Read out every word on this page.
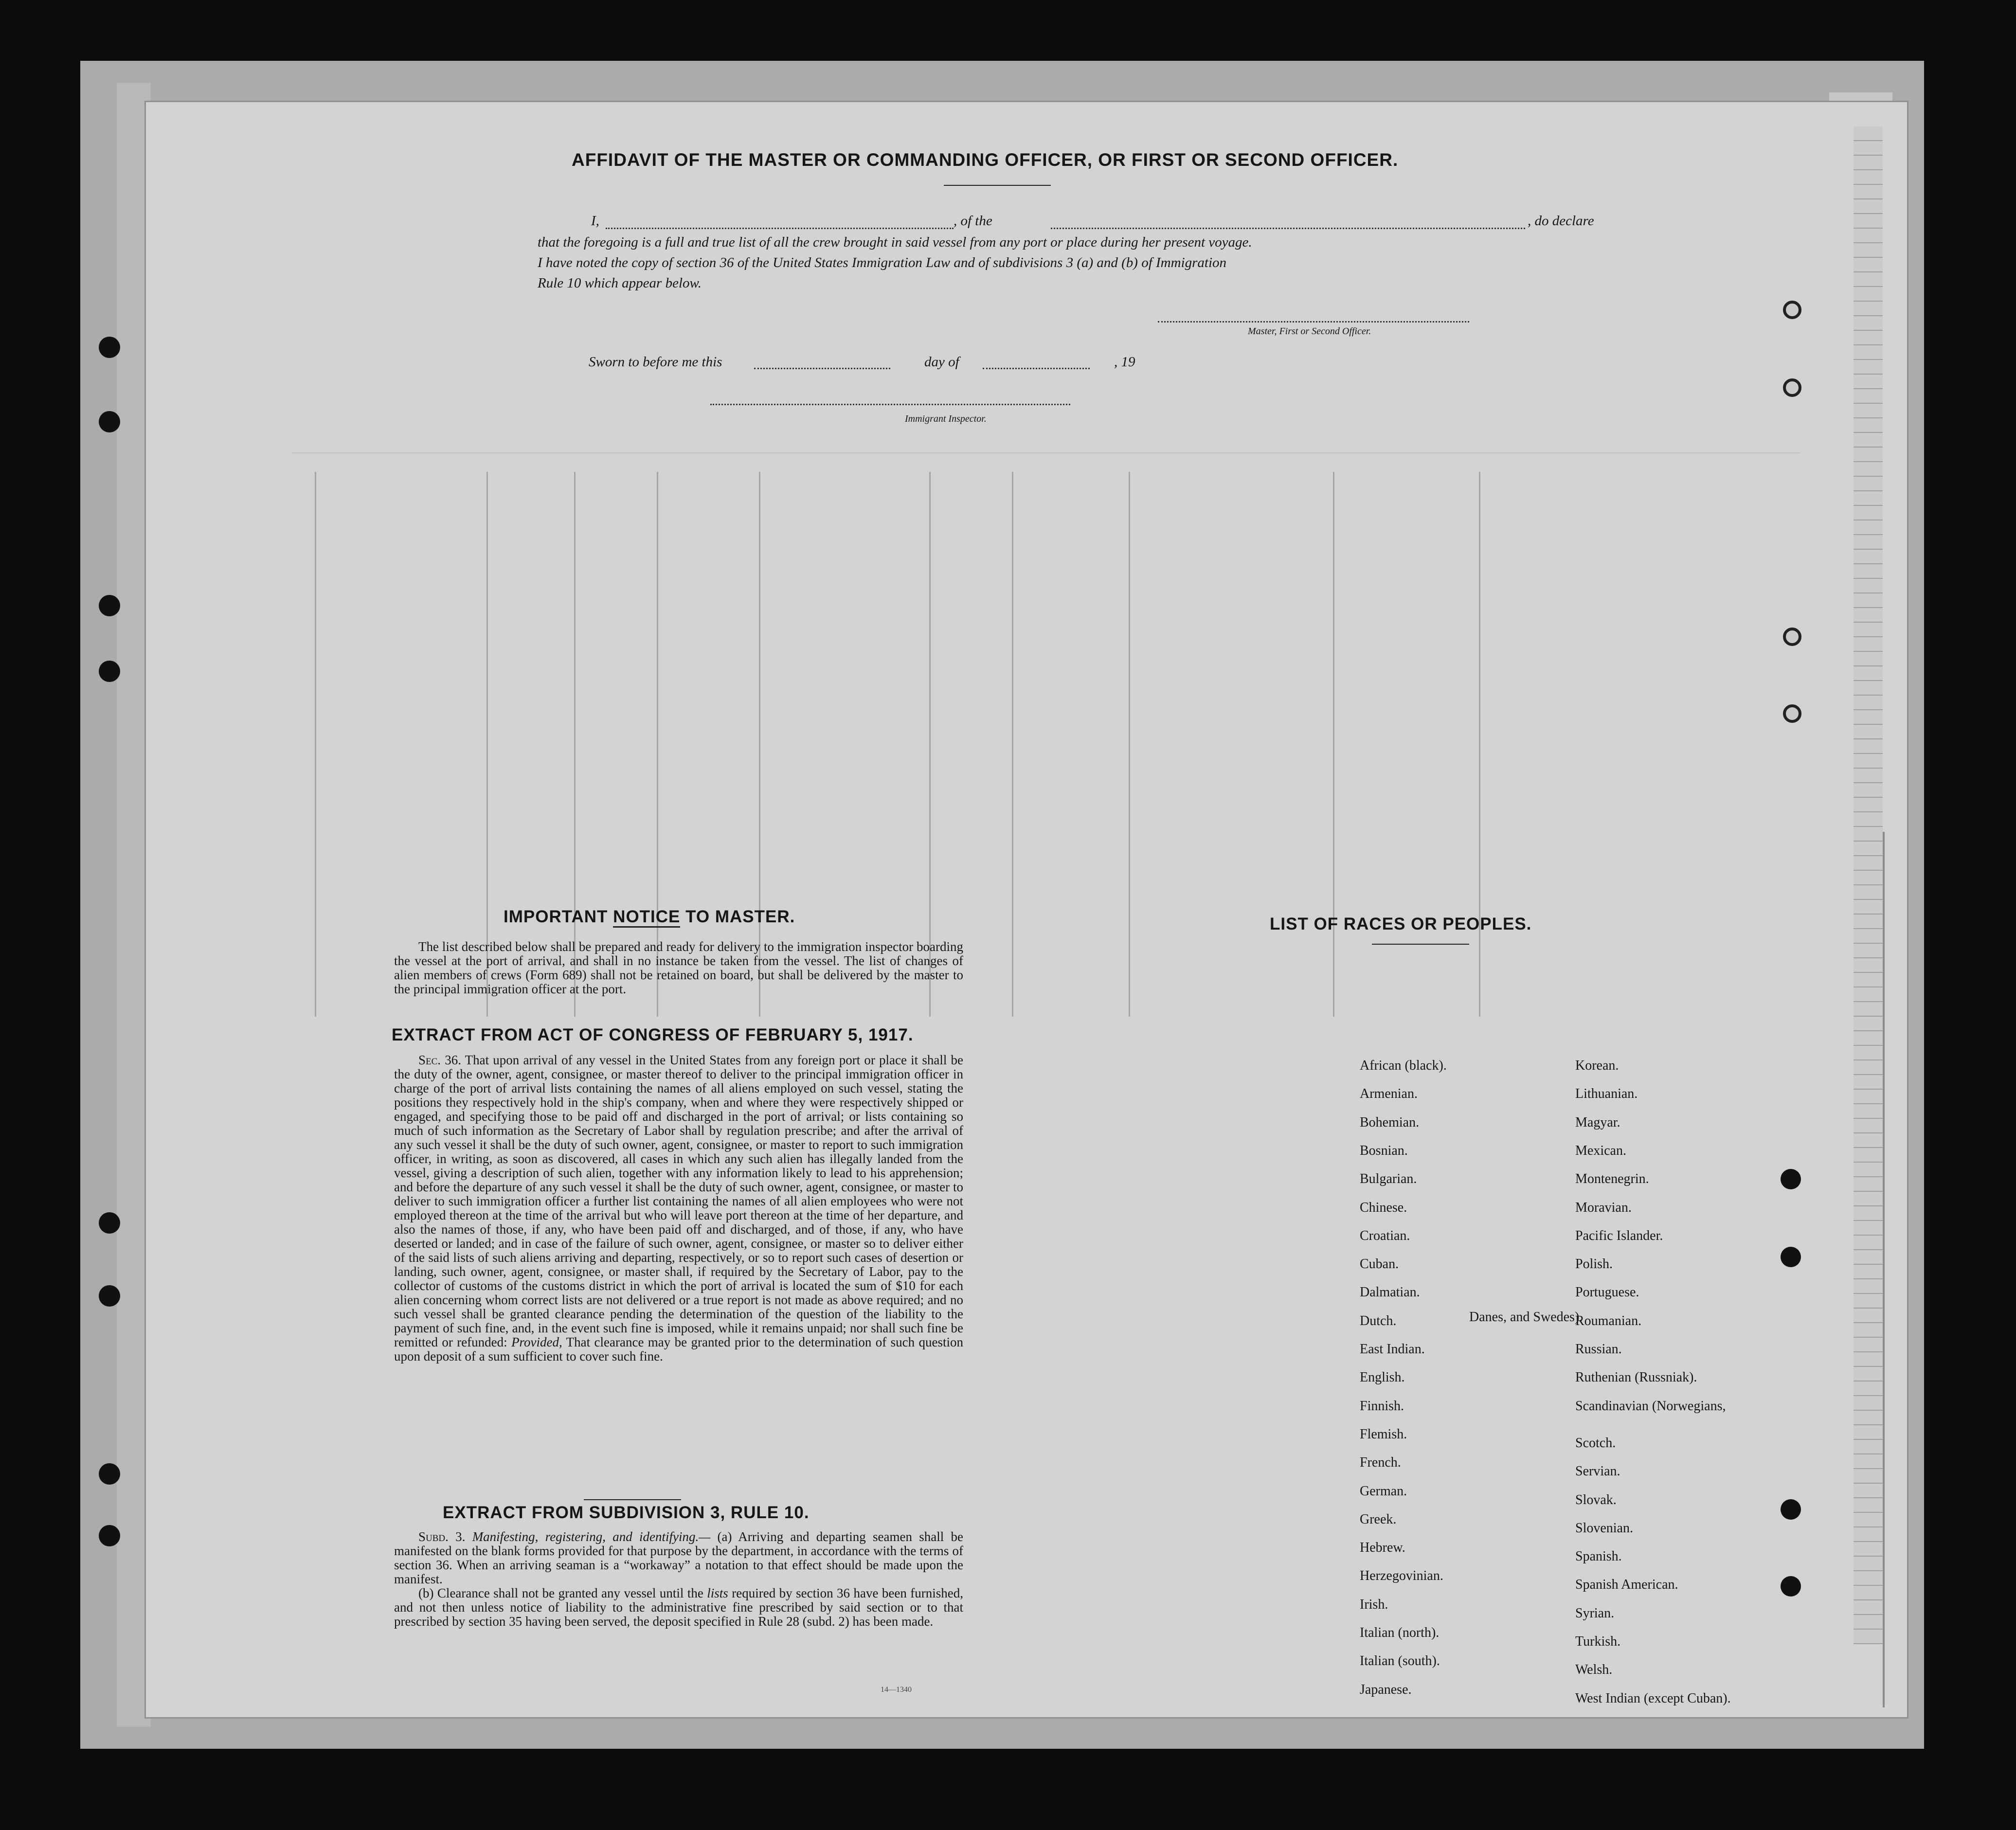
AFFIDAVIT OF THE MASTER OR COMMANDING OFFICER, OR FIRST OR SECOND OFFICER.
I,	, of the	, do declare
that the foregoing is a full and true list of all the crew brought in said vessel from any port or place during her present voyage.
I have noted the copy of section 36 of the United States Immigration Law and of subdivisions 3 (a) and (b) of Immigration
Rule 10 which appear below.
Master, First or Second Officer.
Sworn to before me this	day of	, 19
Immigrant Inspector.
IMPORTANT NOTICE TO MASTER.
The list described below shall be prepared and ready for delivery to the immigration inspector boarding the vessel at the port of arrival, and shall in no instance be taken from the vessel. The list of changes of alien members of crews (Form 689) shall not be retained on board, but shall be delivered by the master to the principal immigration officer at the port.
EXTRACT FROM ACT OF CONGRESS OF FEBRUARY 5, 1917.
Sec. 36. That upon arrival of any vessel in the United States from any foreign port or place it shall be the duty of the owner, agent, consignee, or master thereof to deliver to the principal immigration officer in charge of the port of arrival lists containing the names of all aliens employed on such vessel, stating the positions they respectively hold in the ship's company, when and where they were respectively shipped or engaged, and specifying those to be paid off and discharged in the port of arrival; or lists containing so much of such information as the Secretary of Labor shall by regulation prescribe; and after the arrival of any such vessel it shall be the duty of such owner, agent, consignee, or master to report to such immigration officer, in writing, as soon as discovered, all cases in which any such alien has illegally landed from the vessel, giving a description of such alien, together with any information likely to lead to his apprehension; and before the departure of any such vessel it shall be the duty of such owner, agent, consignee, or master to deliver to such immigration officer a further list containing the names of all alien employees who were not employed thereon at the time of the arrival but who will leave port thereon at the time of her departure, and also the names of those, if any, who have been paid off and discharged, and of those, if any, who have deserted or landed; and in case of the failure of such owner, agent, consignee, or master so to deliver either of the said lists of such aliens arriving and departing, respectively, or so to report such cases of desertion or landing, such owner, agent, consignee, or master shall, if required by the Secretary of Labor, pay to the collector of customs of the customs district in which the port of arrival is located the sum of $10 for each alien concerning whom correct lists are not delivered or a true report is not made as above required; and no such vessel shall be granted clearance pending the determination of the question of the liability to the payment of such fine, and, in the event such fine is imposed, while it remains unpaid; nor shall such fine be remitted or refunded: Provided, That clearance may be granted prior to the determination of such question upon deposit of a sum sufficient to cover such fine.
EXTRACT FROM SUBDIVISION 3, RULE 10.
Subd. 3. Manifesting, registering, and identifying.— (a) Arriving and departing seamen shall be manifested on the blank forms provided for that purpose by the department, in accordance with the terms of section 36. When an arriving seaman is a “workaway” a notation to that effect should be made upon the manifest.
(b) Clearance shall not be granted any vessel until the lists required by section 36 have been furnished, and not then unless notice of liability to the administrative fine prescribed by said section or to that prescribed by section 35 having been served, the deposit specified in Rule 28 (subd. 2) has been made.
14—1340
LIST OF RACES OR PEOPLES.
Danes, and Swedes).
African (black).
Armenian.
Bohemian.
Bosnian.
Bulgarian.
Chinese.
Croatian.
Cuban.
Dalmatian.
Dutch.
East Indian.
English.
Finnish.
Flemish.
French.
German.
Greek.
Hebrew.
Herzegovinian.
Irish.
Italian (north).
Italian (south).
Japanese.
Korean.
Lithuanian.
Magyar.
Mexican.
Montenegrin.
Moravian.
Pacific Islander.
Polish.
Portuguese.
Roumanian.
Russian.
Ruthenian (Russniak).
Scandinavian (Norwegians,
Scotch.
Servian.
Slovak.
Slovenian.
Spanish.
Spanish American.
Syrian.
Turkish.
Welsh.
West Indian (except Cuban).
